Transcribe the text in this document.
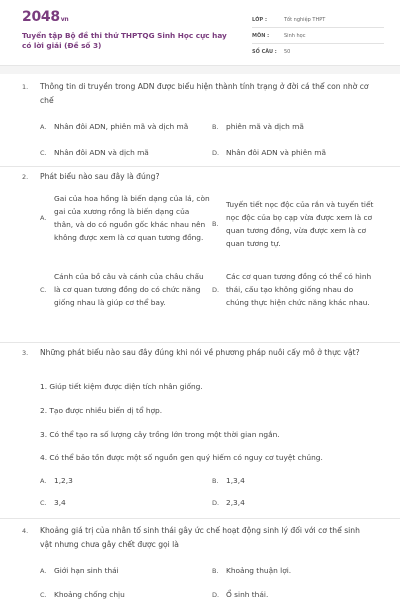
2048vn
Tuyển tập Bộ đề thi thử THPTQG Sinh Học cực hay có lời giải (Đề số 3)
LỚP :	Tốt nghiệp THPT
MÔN :	Sinh học
SỐ CÂU :	50
1. Thông tin di truyền trong ADN được biểu hiện thành tính trạng ở đời cá thể con nhờ cơ chế
A.	Nhân đôi ADN, phiên mã và dịch mã	B.	phiên mã và dịch mã
C. Nhân đôi ADN và dịch mã	D. Nhân đôi ADN và phiên mã
2. Phát biểu nào sau đây là đúng?
A.
Gai của hoa hồng là biến dạng của lá, còn gai của xương rồng là biến dạng của thân, và do có nguồn gốc khác nhau nên không được xem là cơ quan tương đồng.
B.
Tuyến tiết nọc độc của rắn và tuyến tiết nọc độc của bọ cạp vừa được xem là cơ quan tương đồng, vừa được xem là cơ quan tương tự.
C.
Cánh của bồ câu và cánh của châu chấu là cơ quan tương đồng do có chức năng giống nhau là giúp cơ thể bay.
D.
Các cơ quan tương đồng có thể có hình thái, cấu tạo không giống nhau do chúng thực hiện chức năng khác nhau.
3. Những phát biểu nào sau đây đúng khi nói về phương pháp nuôi cấy mô ở thực vật?
1. Giúp tiết kiệm được diện tích nhân giống.
2. Tạo được nhiều biến dị tổ hợp.
3. Có thể tạo ra số lượng cây trồng lớn trong một thời gian ngắn.
4. Có thể bảo tồn được một số nguồn gen quý hiếm có nguy cơ tuyệt chủng.
A.	1,2,3	B.	1,3,4
C. 3,4	D. 2,3,4
4. Khoảng giá trị của nhân tố sinh thái gây ức chế hoạt động sinh lý đối với cơ thể sinh vật nhưng chưa gây chết được gọi là
A.	Giới hạn sinh thái	B.	Khoảng thuận lợi.
C. Khoảng chống chịu	D. Ổ sinh thái.
